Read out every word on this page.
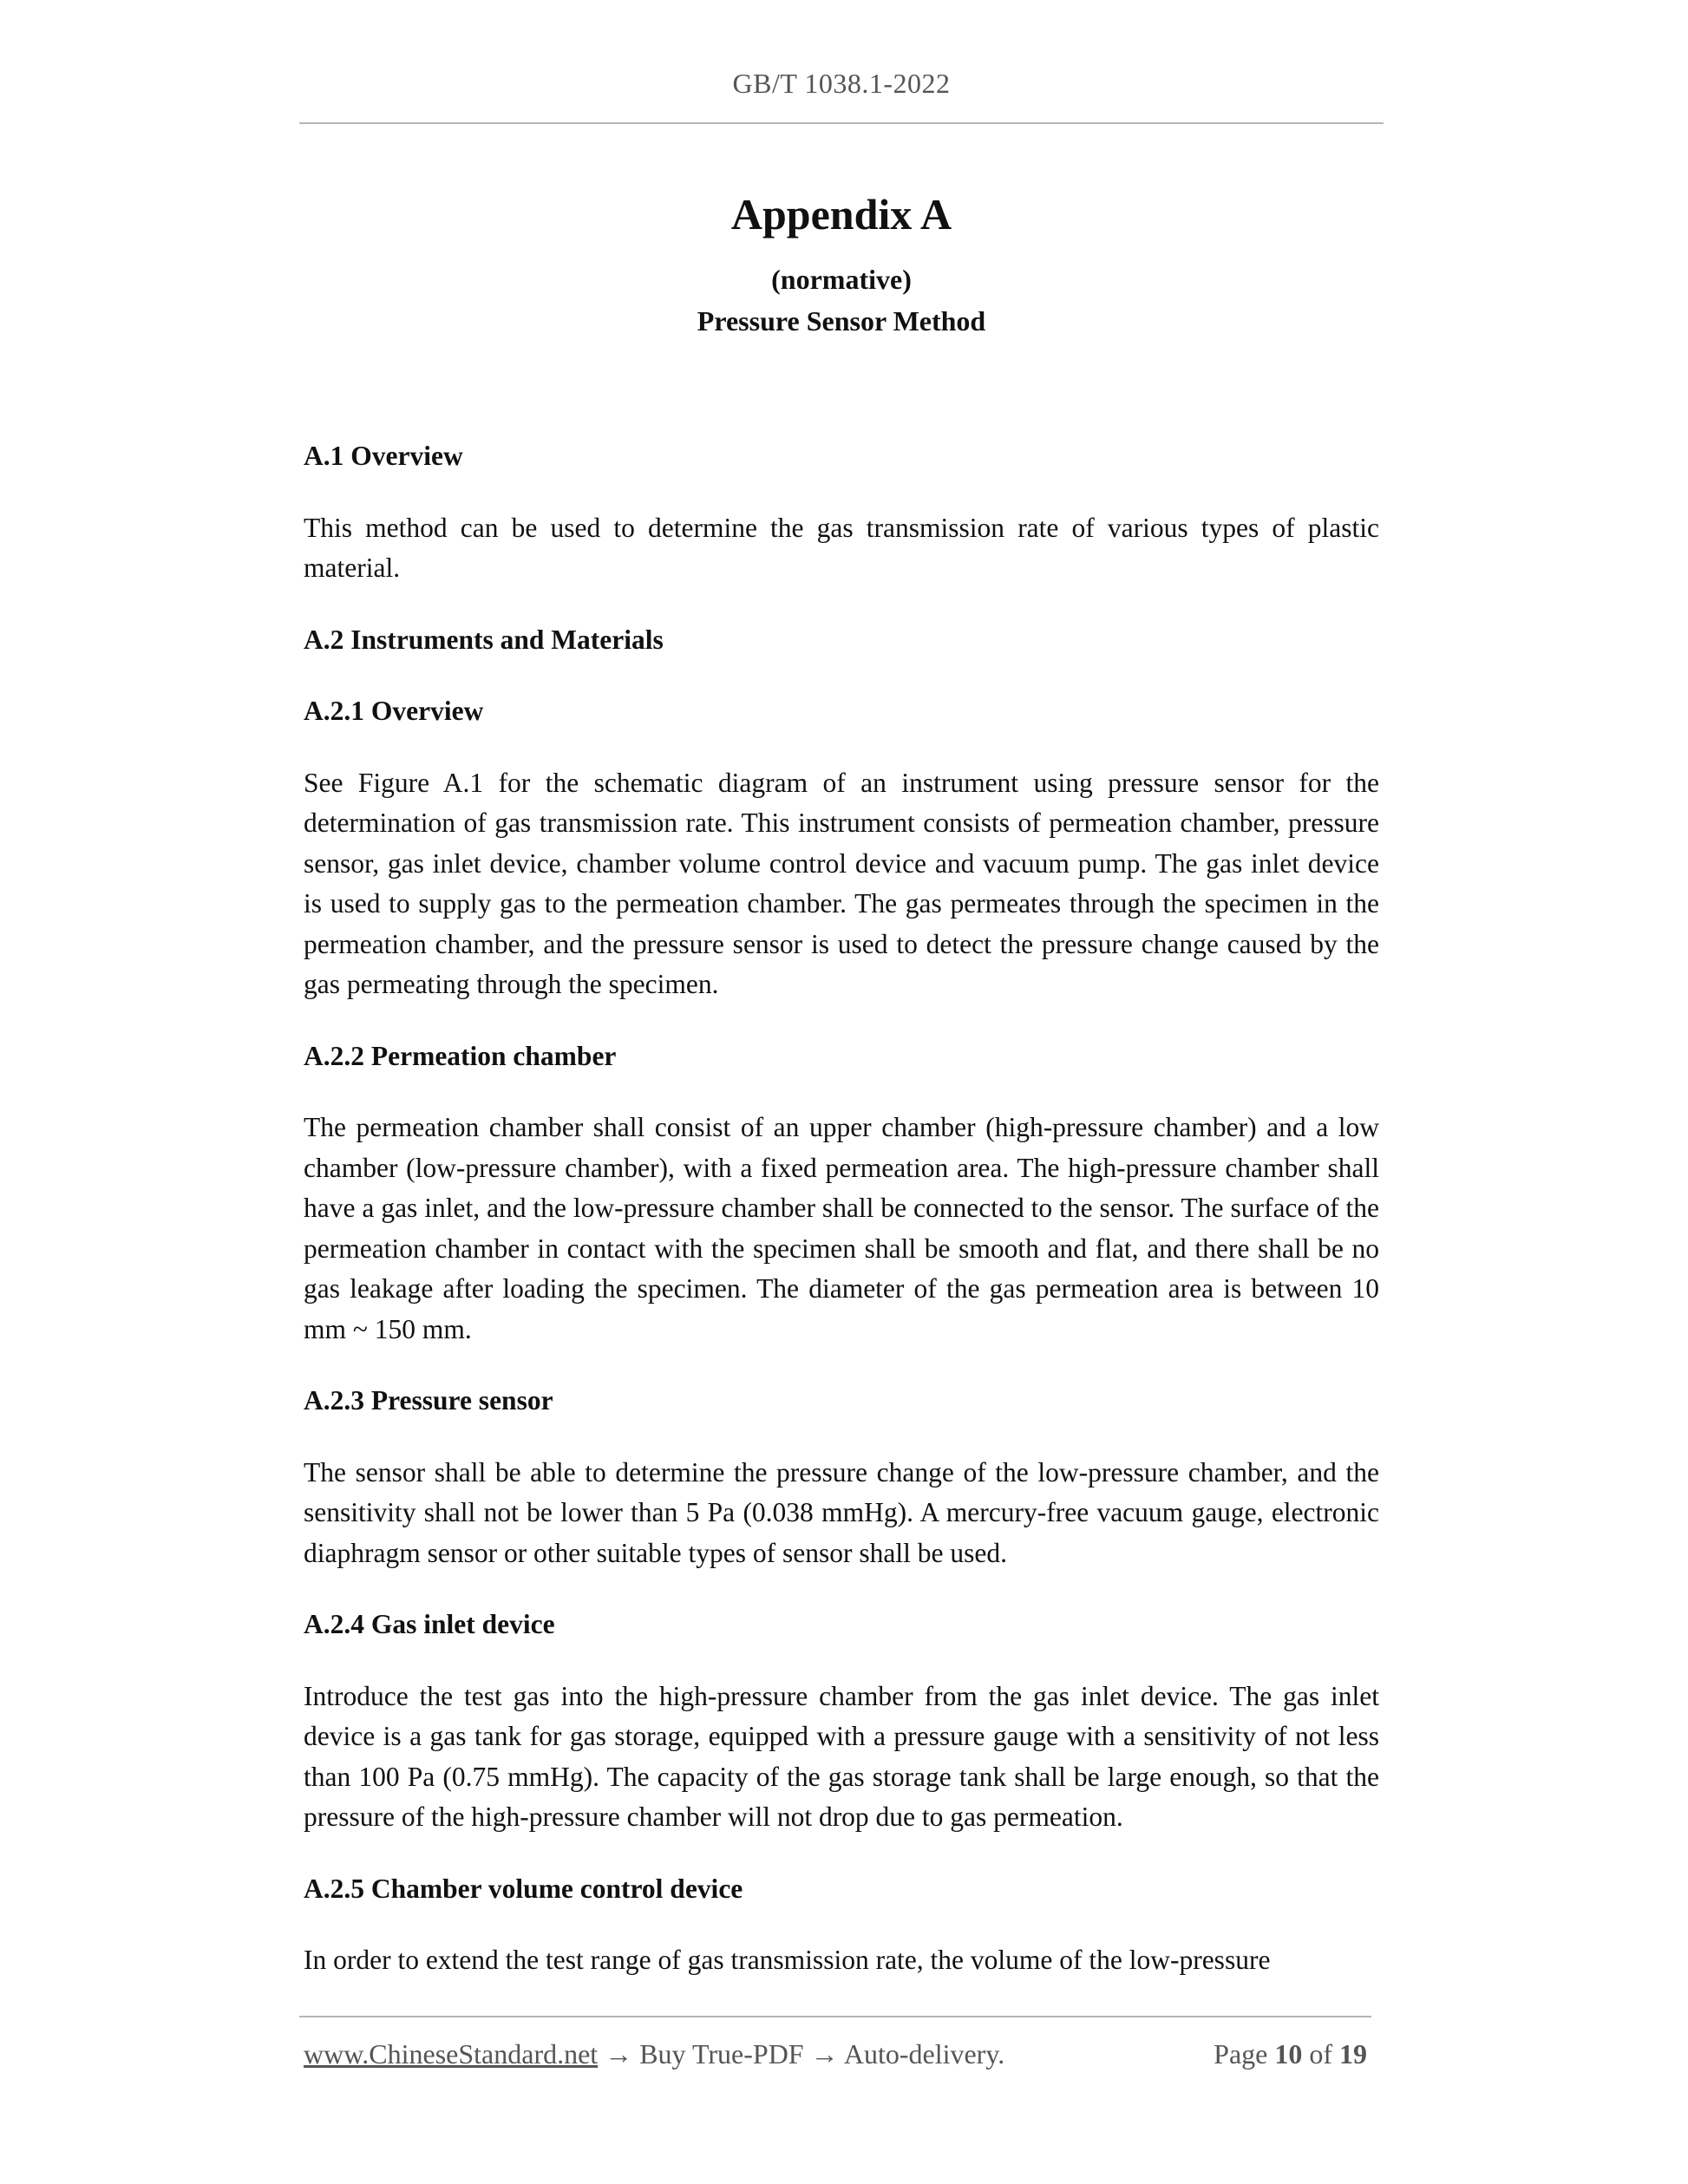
GB/T 1038.1-2022
Appendix A
(normative)
Pressure Sensor Method

A.1 Overview

This method can be used to determine the gas transmission rate of various types of plastic material.

A.2 Instruments and Materials

A.2.1 Overview

See Figure A.1 for the schematic diagram of an instrument using pressure sensor for the determination of gas transmission rate. This instrument consists of permeation chamber, pressure sensor, gas inlet device, chamber volume control device and vacuum pump. The gas inlet device is used to supply gas to the permeation chamber. The gas permeates through the specimen in the permeation chamber, and the pressure sensor is used to detect the pressure change caused by the gas permeating through the specimen.

A.2.2 Permeation chamber

The permeation chamber shall consist of an upper chamber (high-pressure chamber) and a low chamber (low-pressure chamber), with a fixed permeation area. The high-pressure chamber shall have a gas inlet, and the low-pressure chamber shall be connected to the sensor. The surface of the permeation chamber in contact with the specimen shall be smooth and flat, and there shall be no gas leakage after loading the specimen. The diameter of the gas permeation area is between 10 mm ~ 150 mm.

A.2.3 Pressure sensor

The sensor shall be able to determine the pressure change of the low-pressure chamber, and the sensitivity shall not be lower than 5 Pa (0.038 mmHg). A mercury-free vacuum gauge, electronic diaphragm sensor or other suitable types of sensor shall be used.

A.2.4 Gas inlet device

Introduce the test gas into the high-pressure chamber from the gas inlet device. The gas inlet device is a gas tank for gas storage, equipped with a pressure gauge with a sensitivity of not less than 100 Pa (0.75 mmHg). The capacity of the gas storage tank shall be large enough, so that the pressure of the high-pressure chamber will not drop due to gas permeation.

A.2.5 Chamber volume control device

In order to extend the test range of gas transmission rate, the volume of the low-pressure

www.ChineseStandard.net → Buy True-PDF → Auto-delivery.	Page 10 of 19
